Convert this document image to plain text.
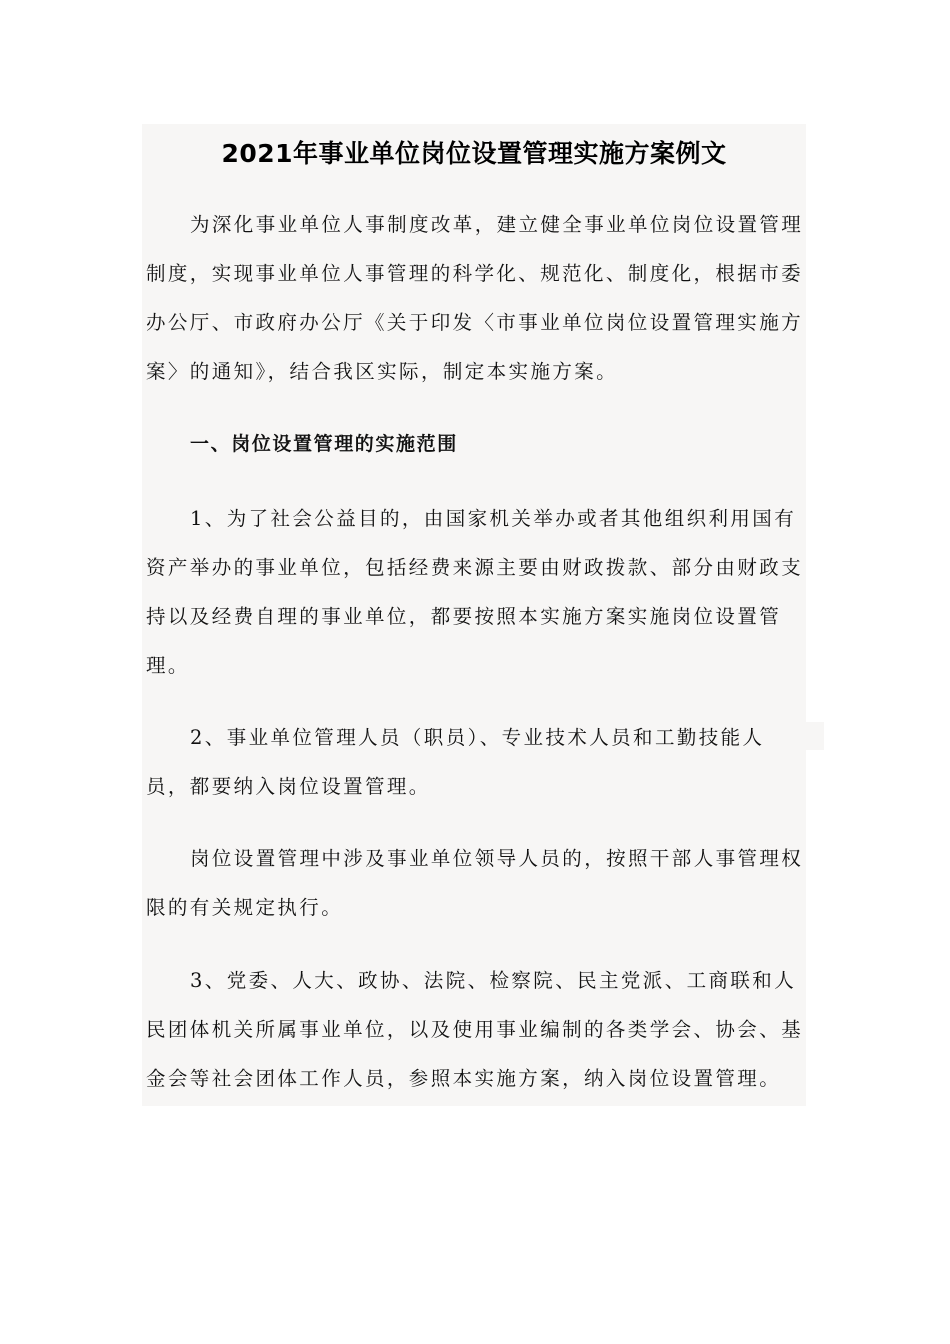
2021年事业单位岗位设置管理实施方案例文
为深化事业单位人事制度改革，建立健全事业单位岗位设置管理制度，实现事业单位人事管理的科学化、规范化、制度化，根据市委办公厅、市政府办公厅《关于印发〈市事业单位岗位设置管理实施方案〉的通知》，结合我区实际，制定本实施方案。
一、岗位设置管理的实施范围
1、为了社会公益目的，由国家机关举办或者其他组织利用国有资产举办的事业单位，包括经费来源主要由财政拨款、部分由财政支持以及经费自理的事业单位，都要按照本实施方案实施岗位设置管理。
2、事业单位管理人员（职员）、专业技术人员和工勤技能人员，都要纳入岗位设置管理。
岗位设置管理中涉及事业单位领导人员的，按照干部人事管理权限的有关规定执行。
3、党委、人大、政协、法院、检察院、民主党派、工商联和人民团体机关所属事业单位，以及使用事业编制的各类学会、协会、基金会等社会团体工作人员，参照本实施方案，纳入岗位设置管理。
